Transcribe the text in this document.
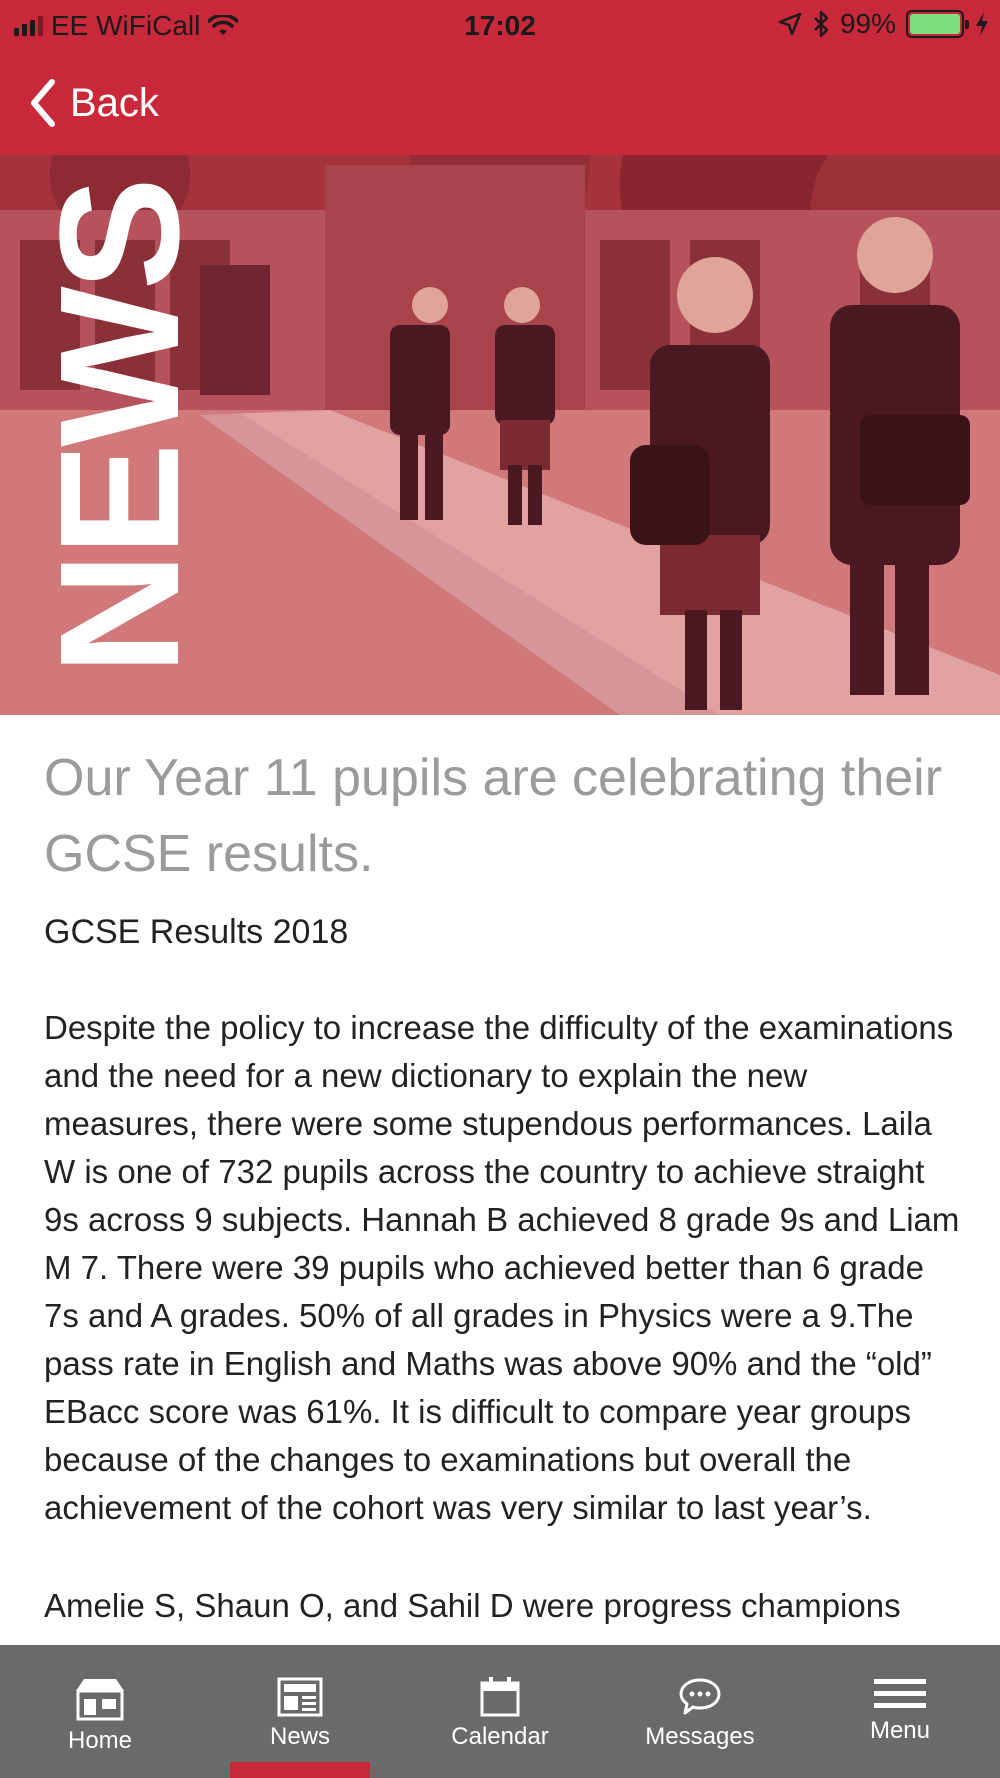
EE WiFiCall	17:02	99%
Back
NEWS
Our Year 11 pupils are celebrating their GCSE results.

GCSE Results 2018

Despite the policy to increase the difficulty of the examinations and the need for a new dictionary to explain the new measures, there were some stupendous performances. Laila W is one of 732 pupils across the country to achieve straight 9s across 9 subjects. Hannah B achieved 8 grade 9s and Liam M 7. There were 39 pupils who achieved better than 6 grade 7s and A grades. 50% of all grades in Physics were a 9.The pass rate in English and Maths was above 90% and the “old” EBacc score was 61%. It is difficult to compare year groups because of the changes to examinations but overall the achievement of the cohort was very similar to last year’s.

Amelie S, Shaun O, and Sahil D were progress champions

Home	News	Calendar	Messages	Menu
